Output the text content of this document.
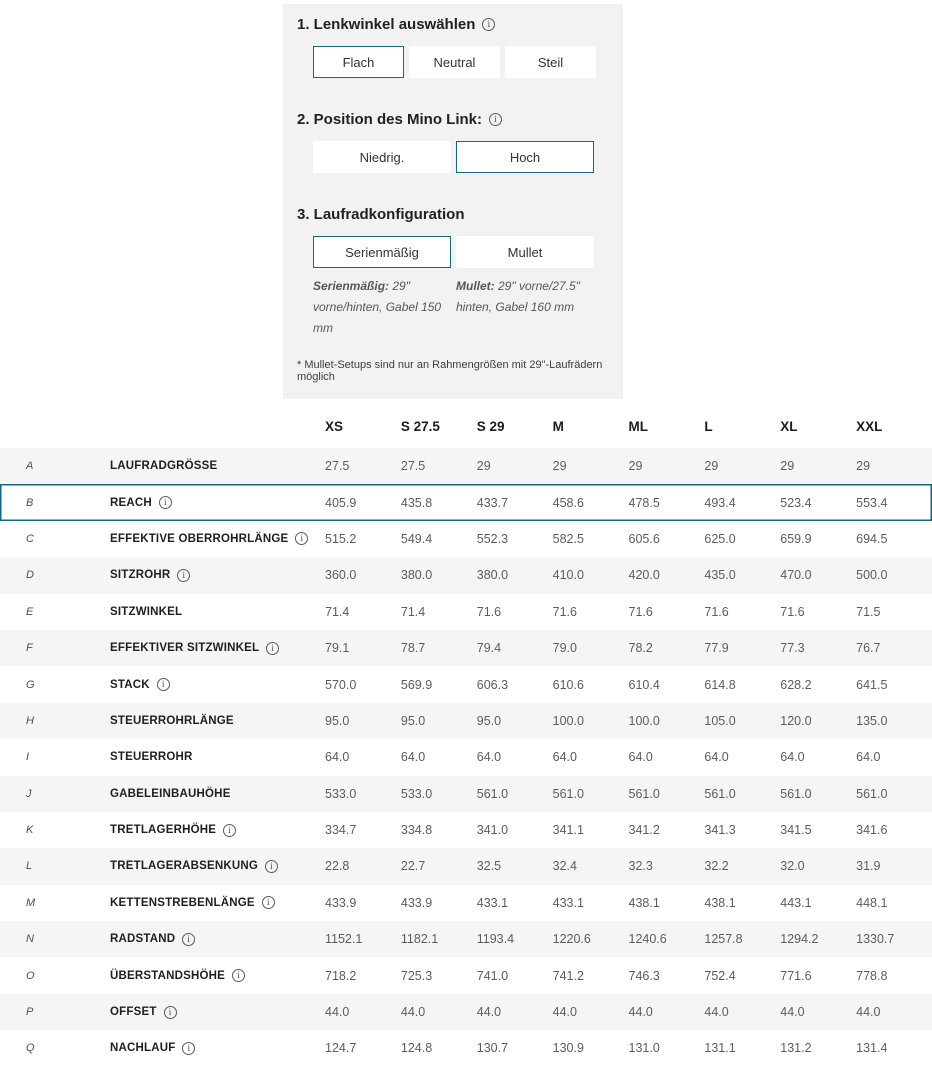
1. Lenkwinkel auswählen
i
Flach	Neutral	Steil
2. Position des Mino Link:
i
Niedrig.	Hoch
3. Laufradkonfiguration
Serienmäßig	Mullet
Serienmäßig: 29" vorne/hinten, Gabel 150 mm
Mullet: 29" vorne/27.5" hinten, Gabel 160 mm
* Mullet-Setups sind nur an Rahmengrößen mit 29"-Laufrädern möglich
XS	S 27.5	S 29	M	ML	L	XL	XXL
A	LAUFRADGRÖSSE	27.5	27.5	29	29	29	29	29	29
B	REACH i	405.9	435.8	433.7	458.6	478.5	493.4	523.4	553.4
C	EFFEKTIVE OBERROHRLÄNGE i	515.2	549.4	552.3	582.5	605.6	625.0	659.9	694.5
D	SITZROHR i	360.0	380.0	380.0	410.0	420.0	435.0	470.0	500.0
E	SITZWINKEL	71.4	71.4	71.6	71.6	71.6	71.6	71.6	71.5
F	EFFEKTIVER SITZWINKEL i	79.1	78.7	79.4	79.0	78.2	77.9	77.3	76.7
G	STACK i	570.0	569.9	606.3	610.6	610.4	614.8	628.2	641.5
H	STEUERROHRLÄNGE	95.0	95.0	95.0	100.0	100.0	105.0	120.0	135.0
I	STEUERROHR	64.0	64.0	64.0	64.0	64.0	64.0	64.0	64.0
J	GABELEINBAUHÖHE	533.0	533.0	561.0	561.0	561.0	561.0	561.0	561.0
K	TRETLAGERHÖHE i	334.7	334.8	341.0	341.1	341.2	341.3	341.5	341.6
L	TRETLAGERABSENKUNG i	22.8	22.7	32.5	32.4	32.3	32.2	32.0	31.9
M	KETTENSTREBENLÄNGE i	433.9	433.9	433.1	433.1	438.1	438.1	443.1	448.1
N	RADSTAND i	1152.1	1182.1	1193.4	1220.6	1240.6	1257.8	1294.2	1330.7
O	ÜBERSTANDSHÖHE i	718.2	725.3	741.0	741.2	746.3	752.4	771.6	778.8
P	OFFSET i	44.0	44.0	44.0	44.0	44.0	44.0	44.0	44.0
Q	NACHLAUF i	124.7	124.8	130.7	130.9	131.0	131.1	131.2	131.4
